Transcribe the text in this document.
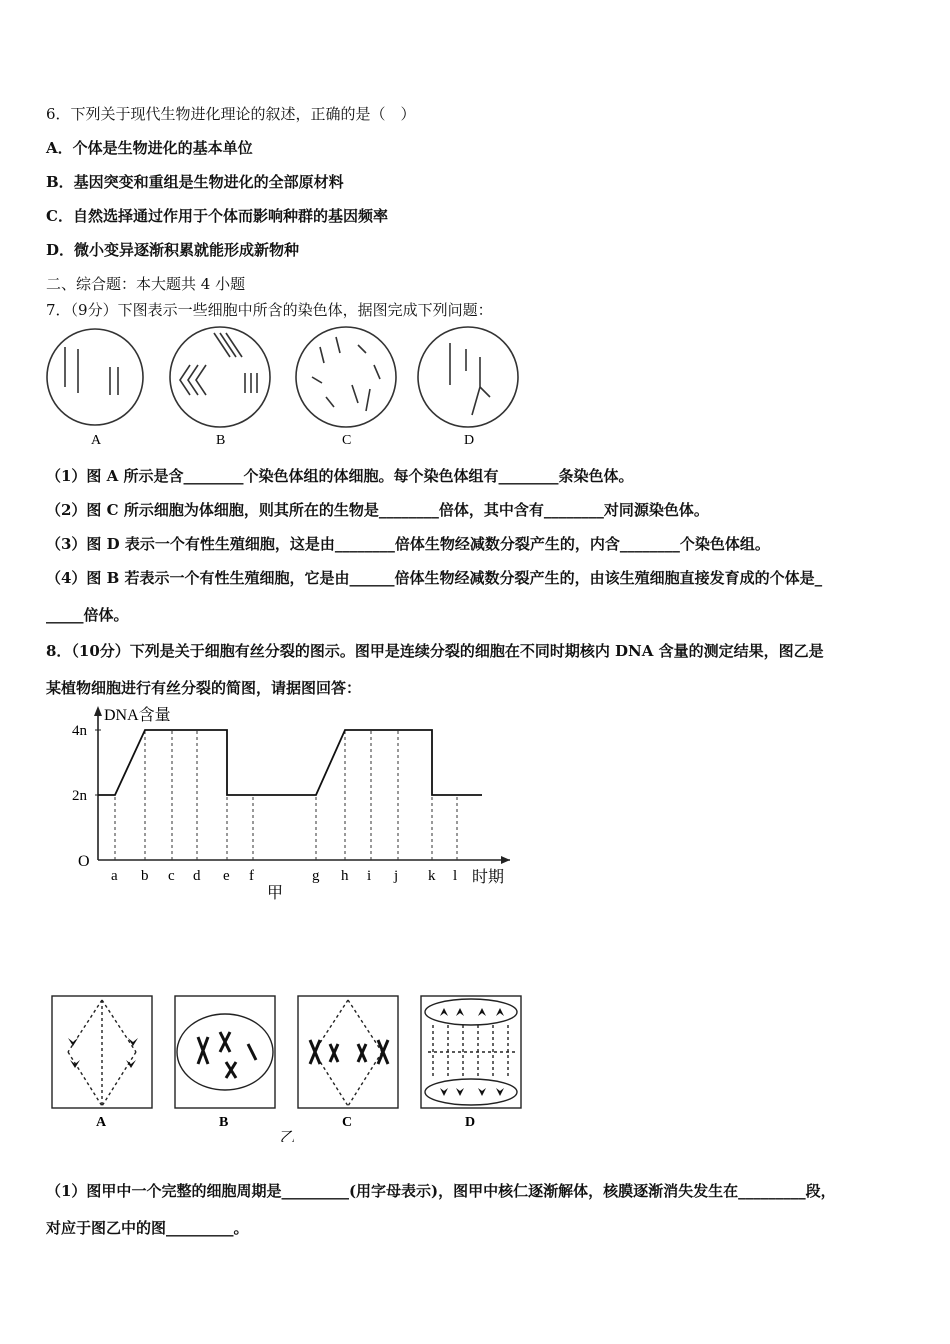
6．下列关于现代生物进化理论的叙述，正确的是（　）
A．个体是生物进化的基本单位
B．基因突变和重组是生物进化的全部原材料
C．自然选择通过作用于个体而影响种群的基因频率
D．微小变异逐渐积累就能形成新物种
二、综合题：本大题共 4 小题
7．（9分）下图表示一些细胞中所含的染色体，据图完成下列问题：
A	B	C	D
（1）图 A 所示是含________个染色体组的体细胞。每个染色体组有________条染色体。
（2）图 C 所示细胞为体细胞，则其所在的生物是________倍体，其中含有________对同源染色体。
（3）图 D 表示一个有性生殖细胞，这是由________倍体生物经减数分裂产生的，内含________个染色体组。
（4）图 B 若表示一个有性生殖细胞，它是由______倍体生物经减数分裂产生的，由该生殖细胞直接发育成的个体是_
_____倍体。
8．（10分）下列是关于细胞有丝分裂的图示。图甲是连续分裂的细胞在不同时期核内 DNA 含量的测定结果，图乙是
某植物细胞进行有丝分裂的简图，请据图回答：
DNA含量
O
2n
4n
a b c d e f	g h i j k l 时期
甲
A	B	C	D
乙
（1）图甲中一个完整的细胞周期是_________(用字母表示)，图甲中核仁逐渐解体，核膜逐渐消失发生在_________段，
对应于图乙中的图_________。
